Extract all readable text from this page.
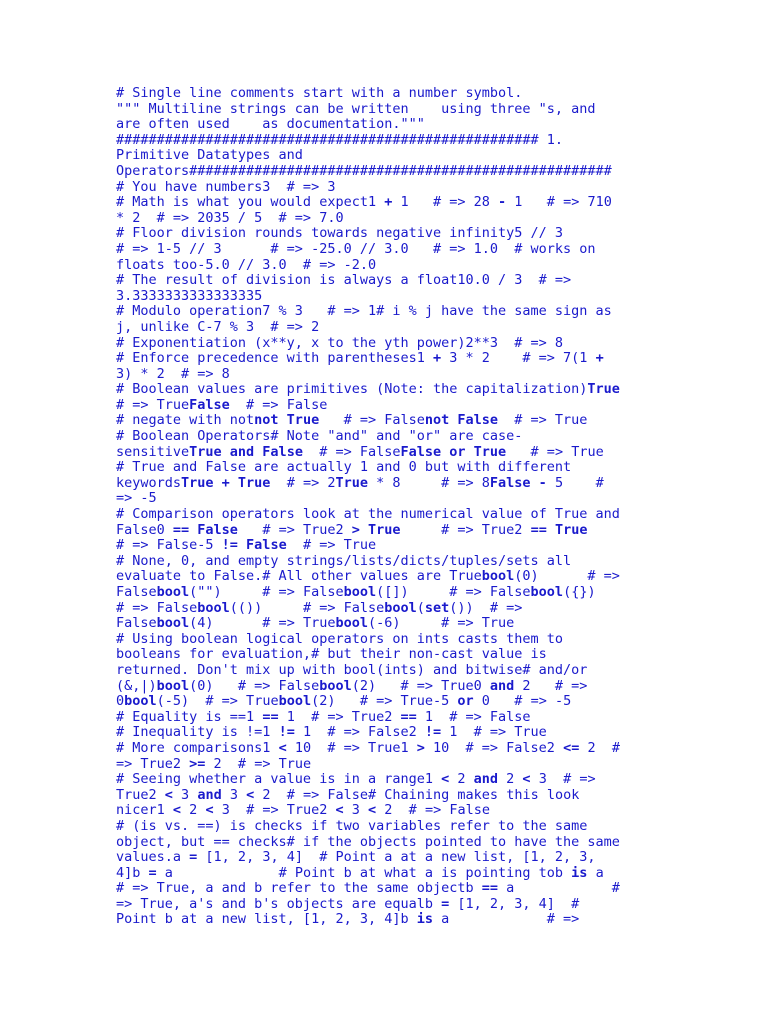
# Single line comments start with a number symbol.
""" Multiline strings can be written    using three "s, and
are often used    as documentation."""
#################################################### 1.
Primitive Datatypes and
Operators####################################################
# You have numbers3  # => 3
# Math is what you would expect1 + 1   # => 28 - 1   # => 710
* 2  # => 2035 / 5  # => 7.0
# Floor division rounds towards negative infinity5 // 3
# => 1-5 // 3      # => -25.0 // 3.0   # => 1.0  # works on
floats too-5.0 // 3.0  # => -2.0
# The result of division is always a float10.0 / 3  # =>
3.3333333333333335
# Modulo operation7 % 3   # => 1# i % j have the same sign as
j, unlike C-7 % 3  # => 2
# Exponentiation (x**y, x to the yth power)2**3  # => 8
# Enforce precedence with parentheses1 + 3 * 2    # => 7(1 +
3) * 2  # => 8
# Boolean values are primitives (Note: the capitalization)True
# => TrueFalse  # => False
# negate with notnot True   # => Falsenot False  # => True
# Boolean Operators# Note "and" and "or" are case-
sensitiveTrue and False  # => FalseFalse or True   # => True
# True and False are actually 1 and 0 but with different
keywordsTrue + True  # => 2True * 8     # => 8False - 5    #
=> -5
# Comparison operators look at the numerical value of True and
False0 == False   # => True2 > True     # => True2 == True
# => False-5 != False  # => True
# None, 0, and empty strings/lists/dicts/tuples/sets all
evaluate to False.# All other values are Truebool(0)      # =>
Falsebool("")     # => Falsebool([])     # => Falsebool({})
# => Falsebool(())     # => Falsebool(set())  # =>
Falsebool(4)      # => Truebool(-6)     # => True
# Using boolean logical operators on ints casts them to
booleans for evaluation,# but their non-cast value is
returned. Don't mix up with bool(ints) and bitwise# and/or
(&,|)bool(0)   # => Falsebool(2)   # => True0 and 2   # =>
0bool(-5)  # => Truebool(2)   # => True-5 or 0   # => -5
# Equality is ==1 == 1  # => True2 == 1  # => False
# Inequality is !=1 != 1  # => False2 != 1  # => True
# More comparisons1 < 10  # => True1 > 10  # => False2 <= 2  #
=> True2 >= 2  # => True
# Seeing whether a value is in a range1 < 2 and 2 < 3  # =>
True2 < 3 and 3 < 2  # => False# Chaining makes this look
nicer1 < 2 < 3  # => True2 < 3 < 2  # => False
# (is vs. ==) is checks if two variables refer to the same
object, but == checks# if the objects pointed to have the same
values.a = [1, 2, 3, 4]  # Point a at a new list, [1, 2, 3,
4]b = a             # Point b at what a is pointing tob is a
# => True, a and b refer to the same objectb == a            #
=> True, a's and b's objects are equalb = [1, 2, 3, 4]  #
Point b at a new list, [1, 2, 3, 4]b is a            # =>
